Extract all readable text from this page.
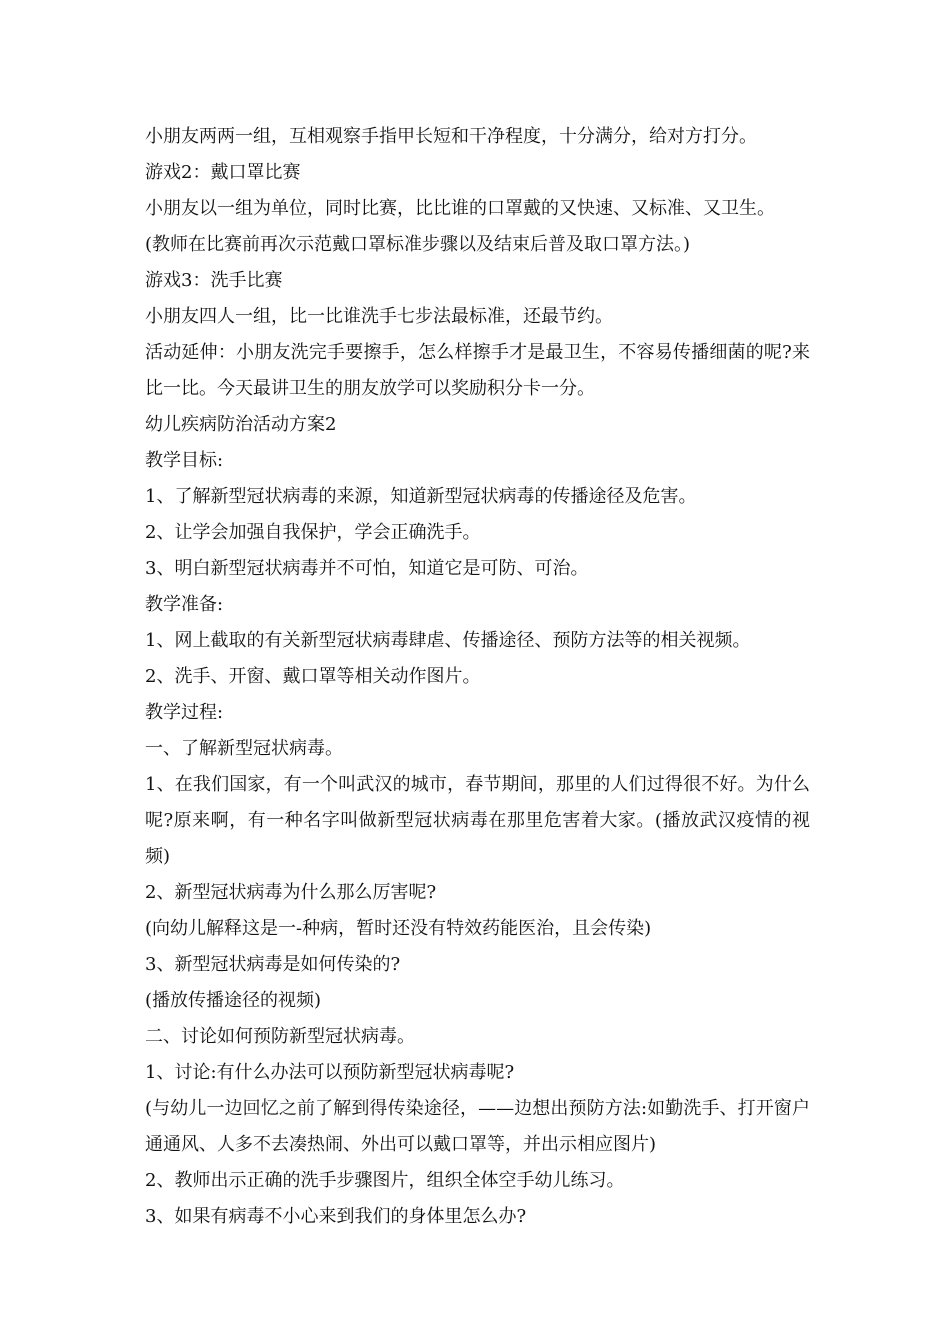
小朋友两两一组，互相观察手指甲长短和干净程度，十分满分，给对方打分。

游戏2：戴口罩比赛

小朋友以一组为单位，同时比赛，比比谁的口罩戴的又快速、又标准、又卫生。

(教师在比赛前再次示范戴口罩标准步骤以及结束后普及取口罩方法。)

游戏3：洗手比赛

小朋友四人一组，比一比谁洗手七步法最标准，还最节约。

活动延伸：小朋友洗完手要擦手，怎么样擦手才是最卫生，不容易传播细菌的呢?来比一比。今天最讲卫生的朋友放学可以奖励积分卡一分。

幼儿疾病防治活动方案2

教学目标:

1、了解新型冠状病毒的来源，知道新型冠状病毒的传播途径及危害。

2、让学会加强自我保护，学会正确洗手。

3、明白新型冠状病毒并不可怕，知道它是可防、可治。

教学准备:

1、网上截取的有关新型冠状病毒肆虐、传播途径、预防方法等的相关视频。

2、洗手、开窗、戴口罩等相关动作图片。

教学过程:

一、了解新型冠状病毒。

1、在我们国家，有一个叫武汉的城市，春节期间，那里的人们过得很不好。为什么呢?原来啊，有一种名字叫做新型冠状病毒在那里危害着大家。(播放武汉疫情的视频)

2、新型冠状病毒为什么那么厉害呢?

(向幼儿解释这是一-种病，暂时还没有特效药能医治，且会传染)

3、新型冠状病毒是如何传染的?

(播放传播途径的视频)

二、讨论如何预防新型冠状病毒。

1、讨论:有什么办法可以预防新型冠状病毒呢?

(与幼儿一边回忆之前了解到得传染途径，——边想出预防方法:如勤洗手、打开窗户通通风、人多不去凑热闹、外出可以戴口罩等，并出示相应图片)

2、教师出示正确的洗手步骤图片，组织全体空手幼儿练习。

3、如果有病毒不小心来到我们的身体里怎么办?
